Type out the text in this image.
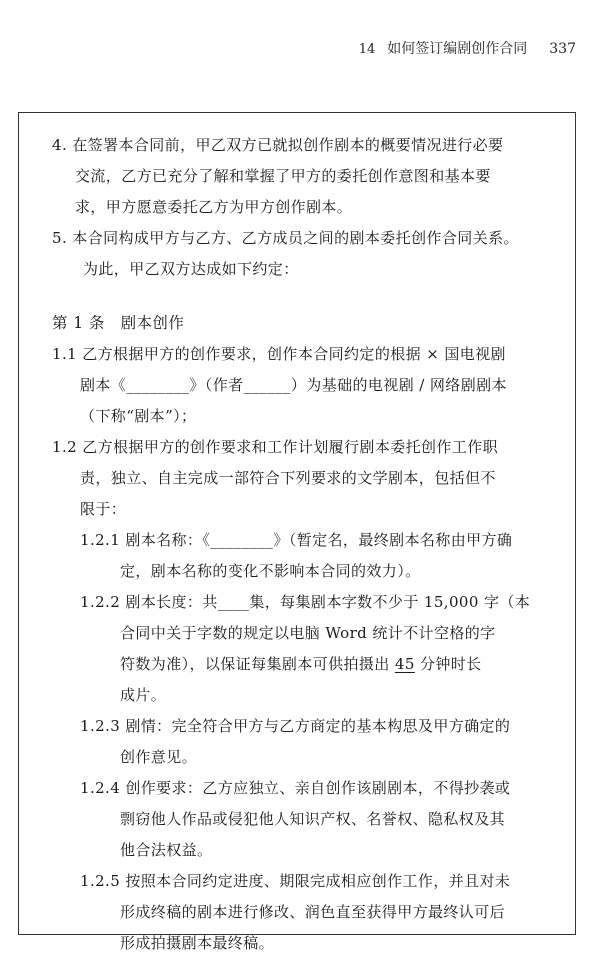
14 如何签订编剧创作合同 337
4. 在签署本合同前，甲乙双方已就拟创作剧本的概要情况进行必要
交流，乙方已充分了解和掌握了甲方的委托创作意图和基本要
求，甲方愿意委托乙方为甲方创作剧本。
5. 本合同构成甲方与乙方、乙方成员之间的剧本委托创作合同关系。
为此，甲乙双方达成如下约定：
第 1 条　剧本创作
1.1 乙方根据甲方的创作要求，创作本合同约定的根据 × 国电视剧
剧本《________》（作者______）为基础的电视剧 / 网络剧剧本
（下称“剧本”）；
1.2 乙方根据甲方的创作要求和工作计划履行剧本委托创作工作职
责，独立、自主完成一部符合下列要求的文学剧本，包括但不
限于：
1.2.1 剧本名称：《________》（暂定名，最终剧本名称由甲方确
定，剧本名称的变化不影响本合同的效力）。
1.2.2 剧本长度：共____集，每集剧本字数不少于 15,000 字（本
合同中关于字数的规定以电脑 Word 统计不计空格的字
符数为准），以保证每集剧本可供拍摄出 45 分钟时长
成片。
1.2.3 剧情：完全符合甲方与乙方商定的基本构思及甲方确定的
创作意见。
1.2.4 创作要求：乙方应独立、亲自创作该剧剧本，不得抄袭或
剽窃他人作品或侵犯他人知识产权、名誉权、隐私权及其
他合法权益。
1.2.5 按照本合同约定进度、期限完成相应创作工作，并且对未
形成终稿的剧本进行修改、润色直至获得甲方最终认可后
形成拍摄剧本最终稿。
